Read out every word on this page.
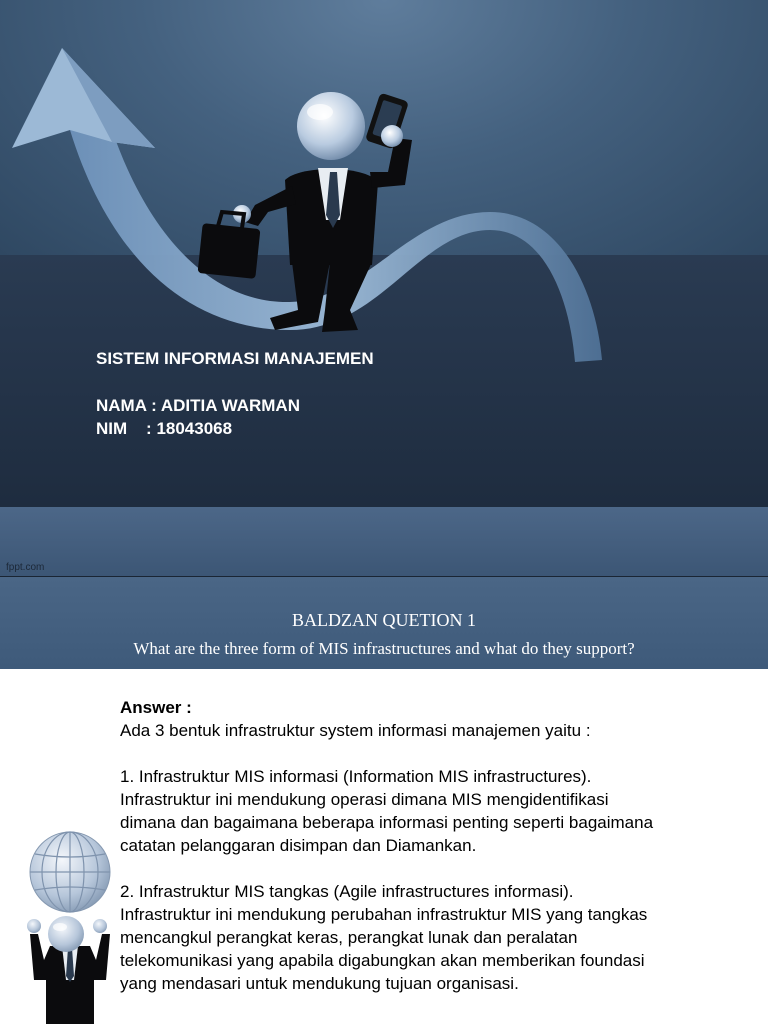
SISTEM INFORMASI MANAJEMEN
NAMA : ADITIA WARMAN
NIM    : 18043068
fppt.com
BALDZAN QUETION 1
What are the three form of MIS infrastructures and what do they support?

Answer :

Ada 3 bentuk infrastruktur system informasi manajemen yaitu :

1. Infrastruktur MIS informasi (Information MIS infrastructures).

Infrastruktur ini mendukung operasi dimana MIS mengidentifikasi

dimana dan bagaimana beberapa informasi penting seperti bagaimana

catatan pelanggaran disimpan dan Diamankan.

2. Infrastruktur MIS tangkas (Agile infrastructures informasi).

Infrastruktur ini mendukung perubahan infrastruktur MIS yang tangkas

mencangkul perangkat keras, perangkat lunak dan peralatan

telekomunikasi yang apabila digabungkan akan memberikan foundasi

yang mendasari untuk mendukung tujuan organisasi.
